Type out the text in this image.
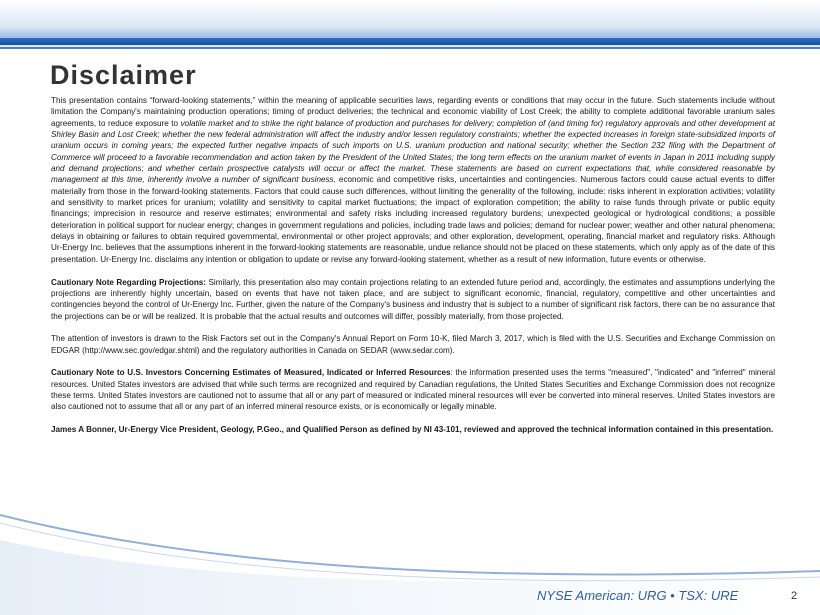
Disclaimer

This presentation contains “forward-looking statements,” within the meaning of applicable securities laws, regarding events or conditions that may occur in the future. Such statements include without limitation the Company's maintaining production operations; timing of product deliveries; the technical and economic viability of Lost Creek; the ability to complete additional favorable uranium sales agreements, to reduce exposure to volatile market and to strike the right balance of production and purchases for delivery; completion of (and timing for) regulatory approvals and other development at Shirley Basin and Lost Creek; whether the new federal administration will affect the industry and/or lessen regulatory constraints; whether the expected increases in foreign state-subsidized imports of uranium occurs in coming years; the expected further negative impacts of such imports on U.S. uranium production and national security; whether the Section 232 filing with the Department of Commerce will proceed to a favorable recommendation and action taken by the President of the United States; the long term effects on the uranium market of events in Japan in 2011 including supply and demand projections; and whether certain prospective catalysts will occur or affect the market. These statements are based on current expectations that, while considered reasonable by management at this time, inherently involve a number of significant business, economic and competitive risks, uncertainties and contingencies. Numerous factors could cause actual events to differ materially from those in the forward-looking statements. Factors that could cause such differences, without limiting the generality of the following, include: risks inherent in exploration activities; volatility and sensitivity to market prices for uranium; volatility and sensitivity to capital market fluctuations; the impact of exploration competition; the ability to raise funds through private or public equity financings; imprecision in resource and reserve estimates; environmental and safety risks including increased regulatory burdens; unexpected geological or hydrological conditions; a possible deterioration in political support for nuclear energy; changes in government regulations and policies, including trade laws and policies; demand for nuclear power; weather and other natural phenomena; delays in obtaining or failures to obtain required governmental, environmental or other project approvals; and other exploration, development, operating, financial market and regulatory risks. Although Ur-Energy Inc. believes that the assumptions inherent in the forward-looking statements are reasonable, undue reliance should not be placed on these statements, which only apply as of the date of this presentation. Ur-Energy Inc. disclaims any intention or obligation to update or revise any forward-looking statement, whether as a result of new information, future events or otherwise.

Cautionary Note Regarding Projections: Similarly, this presentation also may contain projections relating to an extended future period and, accordingly, the estimates and assumptions underlying the projections are inherently highly uncertain, based on events that have not taken place, and are subject to significant economic, financial, regulatory, competitive and other uncertainties and contingencies beyond the control of Ur-Energy Inc. Further, given the nature of the Company's business and industry that is subject to a number of significant risk factors, there can be no assurance that the projections can be or will be realized. It is probable that the actual results and outcomes will differ, possibly materially, from those projected.

The attention of investors is drawn to the Risk Factors set out in the Company's Annual Report on Form 10-K, filed March 3, 2017, which is filed with the U.S. Securities and Exchange Commission on EDGAR (http://www.sec.gov/edgar.shtml) and the regulatory authorities in Canada on SEDAR (www.sedar.com).

Cautionary Note to U.S. Investors Concerning Estimates of Measured, Indicated or Inferred Resources: the information presented uses the terms "measured", "indicated" and "inferred" mineral resources. United States investors are advised that while such terms are recognized and required by Canadian regulations, the United States Securities and Exchange Commission does not recognize these terms. United States investors are cautioned not to assume that all or any part of measured or indicated mineral resources will ever be converted into mineral reserves. United States investors are also cautioned not to assume that all or any part of an inferred mineral resource exists, or is economically or legally minable.

James A Bonner, Ur-Energy Vice President, Geology, P.Geo., and Qualified Person as defined by NI 43-101, reviewed and approved the technical information contained in this presentation.

NYSE American: URG • TSX: URE	2
